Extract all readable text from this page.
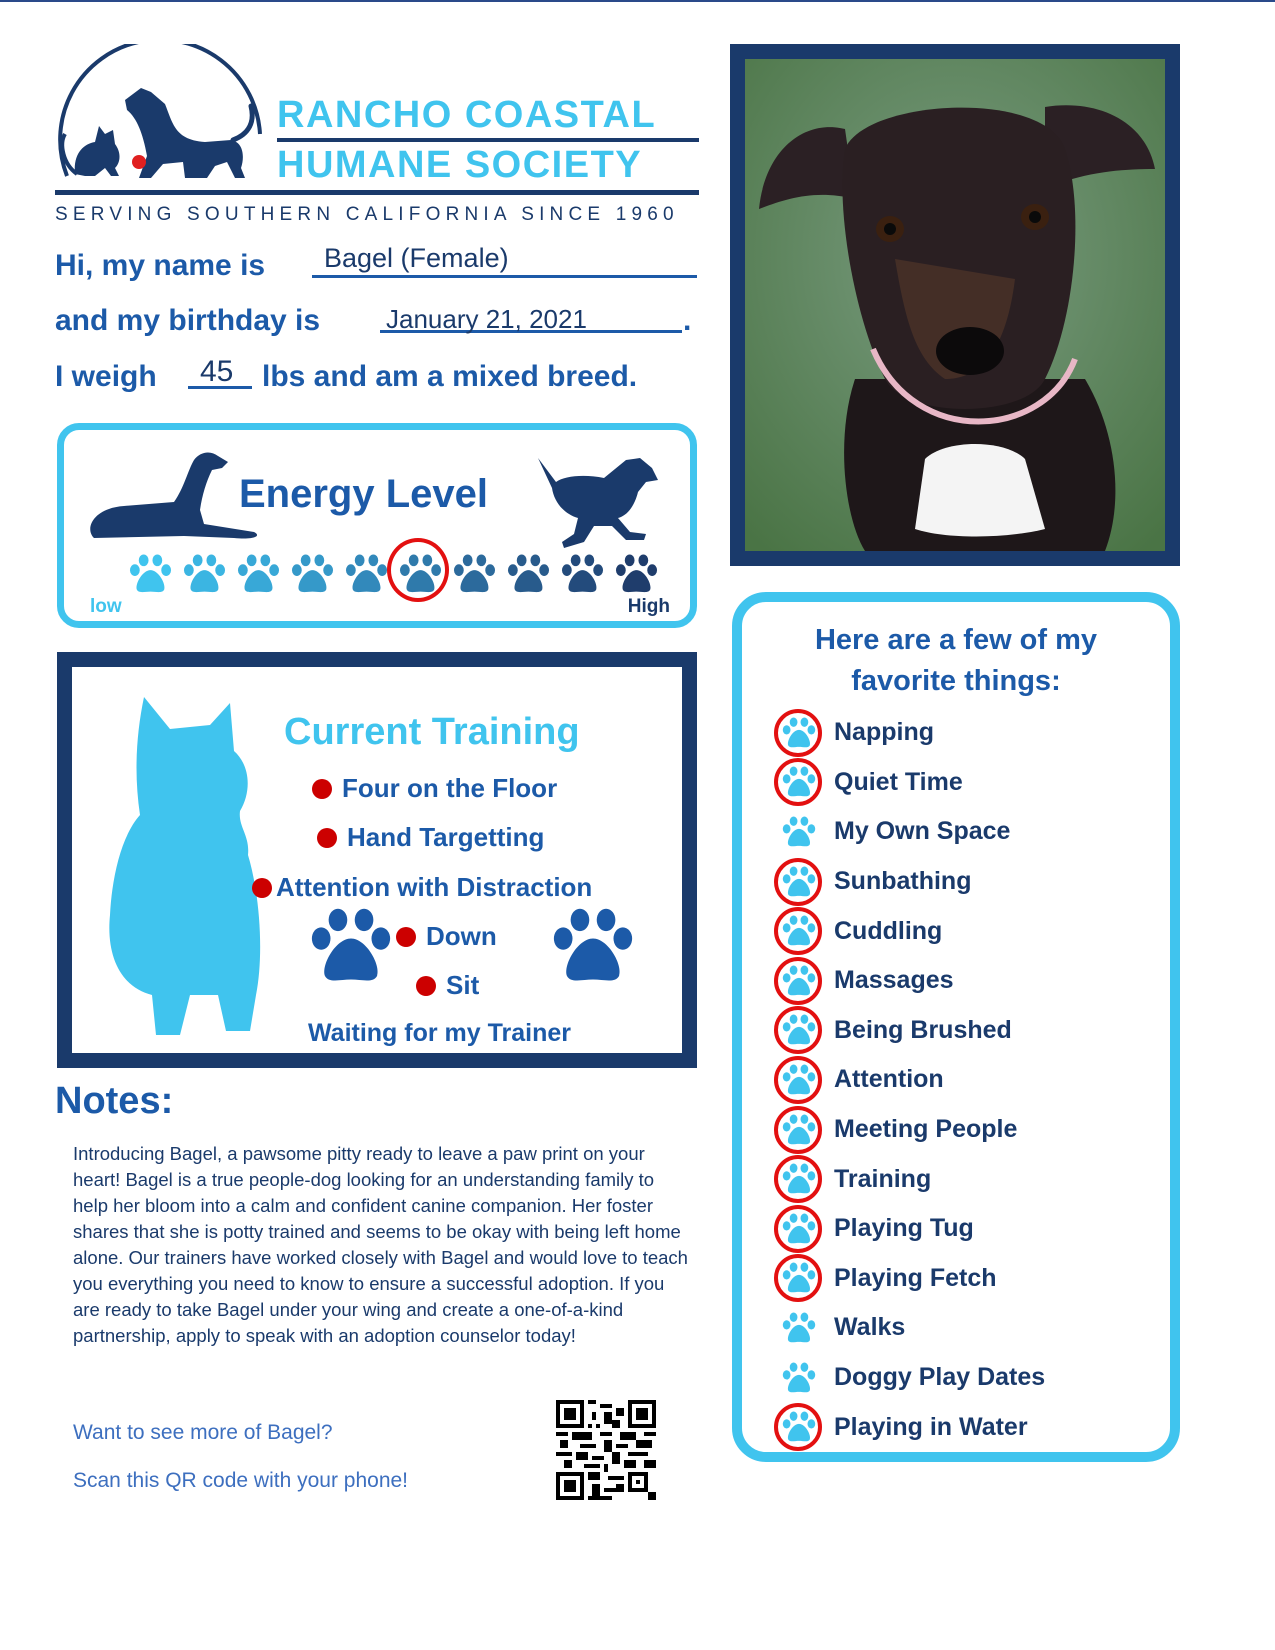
RANCHO COASTAL
HUMANE SOCIETY
SERVING SOUTHERN CALIFORNIA SINCE 1960
Hi, my name is Bagel (Female)
and my birthday is	January 21, 2021	.
I weigh 45 lbs and am a mixed breed.
Energy Level
low	High
Current Training
Four on the Floor
Hand Targetting
Attention with Distraction
Down
Sit
Waiting for my Trainer
Notes:
Introducing Bagel, a pawsome pitty ready to leave a paw print on your heart! Bagel is a true people-dog looking for an understanding family to help her bloom into a calm and confident canine companion. Her foster shares that she is potty trained and seems to be okay with being left home alone. Our trainers have worked closely with Bagel and would love to teach you everything you need to know to ensure a successful adoption. If you are ready to take Bagel under your wing and create a one-of-a-kind partnership, apply to speak with an adoption counselor today!
Want to see more of Bagel?
Scan this QR code with your phone!
Here are a few of my
favorite things:
Napping
Quiet Time
My Own Space
Sunbathing
Cuddling
Massages
Being Brushed
Attention
Meeting People
Training
Playing Tug
Playing Fetch
Walks
Doggy Play Dates
Playing in Water
